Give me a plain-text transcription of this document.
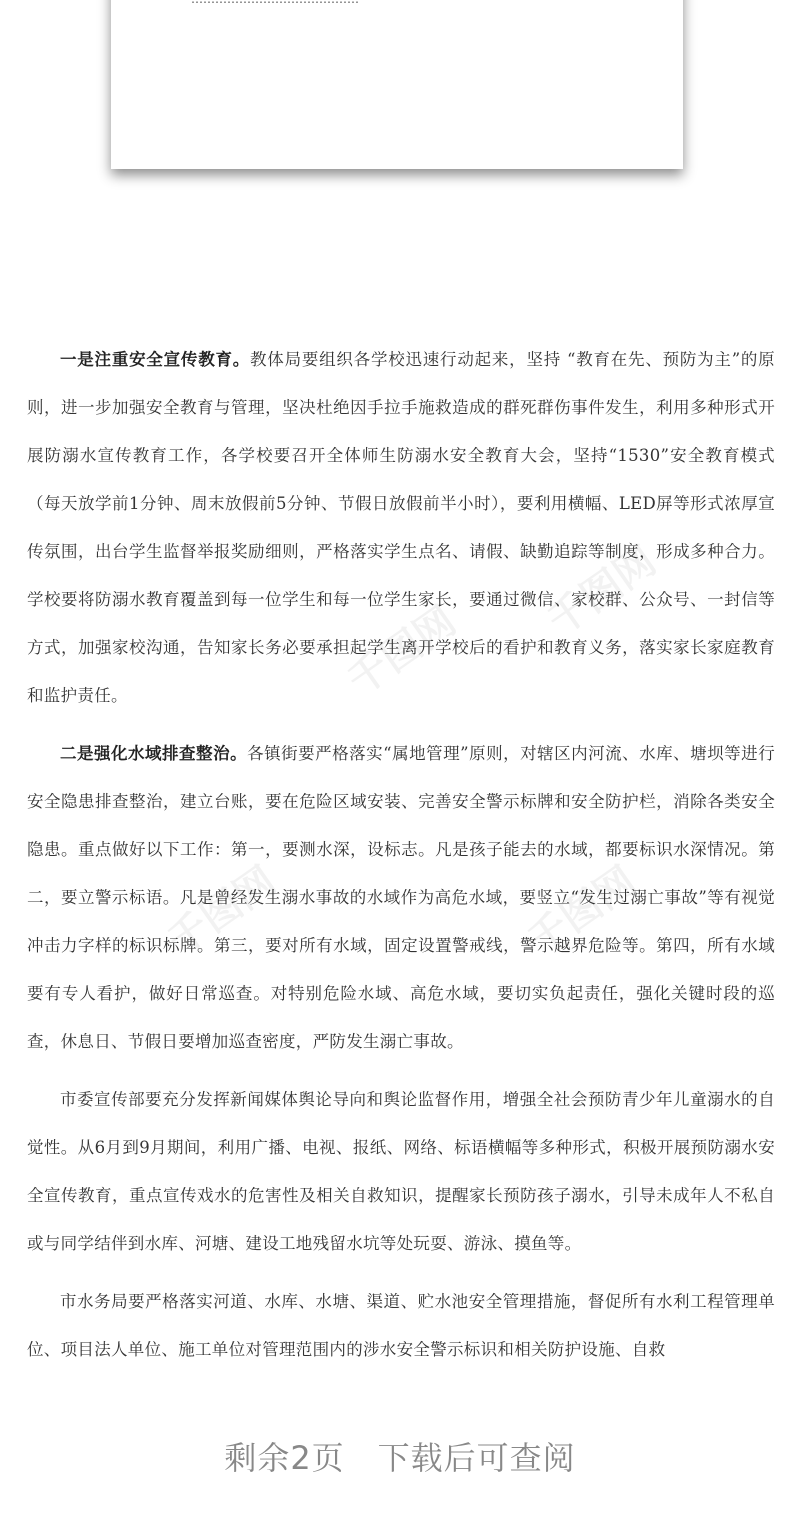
千图网
千图网
千图网	千图网

一是注重安全宣传教育。教体局要组织各学校迅速行动起来，坚持 “教育在先、预防为主”的原则，进一步加强安全教育与管理，坚决杜绝因手拉手施救造成的群死群伤事件发生，利用多种形式开展防溺水宣传教育工作，各学校要召开全体师生防溺水安全教育大会，坚持“1530”安全教育模式（每天放学前1分钟、周末放假前5分钟、节假日放假前半小时），要利用横幅、LED屏等形式浓厚宣传氛围，出台学生监督举报奖励细则，严格落实学生点名、请假、缺勤追踪等制度，形成多种合力。学校要将防溺水教育覆盖到每一位学生和每一位学生家长，要通过微信、家校群、公众号、一封信等方式，加强家校沟通，告知家长务必要承担起学生离开学校后的看护和教育义务，落实家长家庭教育和监护责任。

二是强化水域排查整治。各镇街要严格落实“属地管理”原则，对辖区内河流、水库、塘坝等进行安全隐患排查整治，建立台账，要在危险区域安装、完善安全警示标牌和安全防护栏，消除各类安全隐患。重点做好以下工作：第一，要测水深，设标志。凡是孩子能去的水域，都要标识水深情况。第二，要立警示标语。凡是曾经发生溺水事故的水域作为高危水域，要竖立“发生过溺亡事故”等有视觉冲击力字样的标识标牌。第三，要对所有水域，固定设置警戒线，警示越界危险等。第四，所有水域要有专人看护，做好日常巡查。对特别危险水域、高危水域，要切实负起责任，强化关键时段的巡查，休息日、节假日要增加巡查密度，严防发生溺亡事故。

市委宣传部要充分发挥新闻媒体舆论导向和舆论监督作用，增强全社会预防青少年儿童溺水的自觉性。从6月到9月期间，利用广播、电视、报纸、网络、标语横幅等多种形式，积极开展预防溺水安全宣传教育，重点宣传戏水的危害性及相关自救知识，提醒家长预防孩子溺水，引导未成年人不私自或与同学结伴到水库、河塘、建设工地残留水坑等处玩耍、游泳、摸鱼等。

市水务局要严格落实河道、水库、水塘、渠道、贮水池安全管理措施，督促所有水利工程管理单位、项目法人单位、施工单位对管理范围内的涉水安全警示标识和相关防护设施、自救

剩余2页　下载后可查阅
